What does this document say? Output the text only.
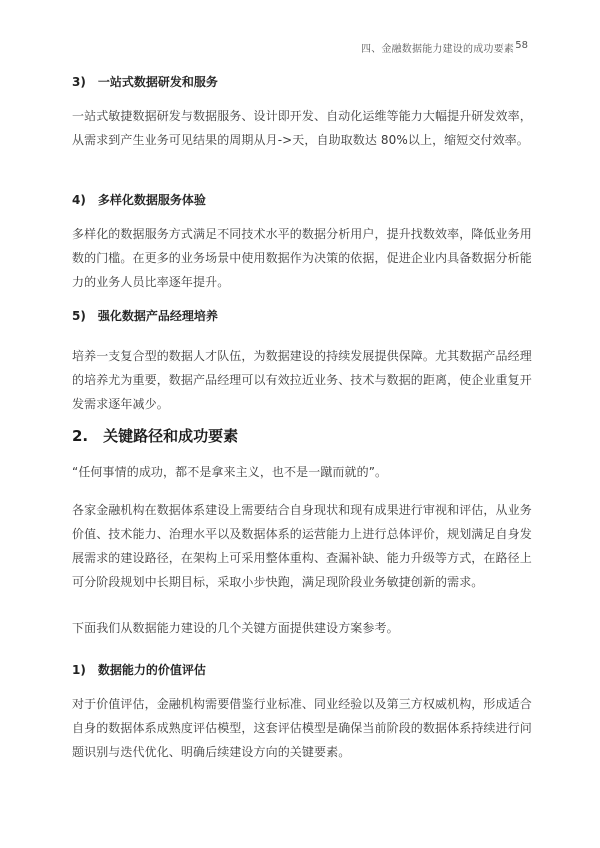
四、金融数据能力建设的成功要素 58
3)　一站式数据研发和服务

一站式敏捷数据研发与数据服务、设计即开发、自动化运维等能力大幅提升研发效率，从需求到产生业务可见结果的周期从月->天，自助取数达 80%以上，缩短交付效率。

4)　多样化数据服务体验

多样化的数据服务方式满足不同技术水平的数据分析用户，提升找数效率，降低业务用数的门槛。在更多的业务场景中使用数据作为决策的依据，促进企业内具备数据分析能力的业务人员比率逐年提升。

5)　强化数据产品经理培养

培养一支复合型的数据人才队伍，为数据建设的持续发展提供保障。尤其数据产品经理的培养尤为重要，数据产品经理可以有效拉近业务、技术与数据的距离，使企业重复开发需求逐年减少。

2.　关键路径和成功要素

“任何事情的成功，都不是拿来主义，也不是一蹴而就的”。

各家金融机构在数据体系建设上需要结合自身现状和现有成果进行审视和评估，从业务价值、技术能力、治理水平以及数据体系的运营能力上进行总体评价，规划满足自身发展需求的建设路径，在架构上可采用整体重构、查漏补缺、能力升级等方式，在路径上可分阶段规划中长期目标，采取小步快跑，满足现阶段业务敏捷创新的需求。

下面我们从数据能力建设的几个关键方面提供建设方案参考。

1)　数据能力的价值评估

对于价值评估，金融机构需要借鉴行业标准、同业经验以及第三方权威机构，形成适合自身的数据体系成熟度评估模型，这套评估模型是确保当前阶段的数据体系持续进行问题识别与迭代优化、明确后续建设方向的关键要素。
